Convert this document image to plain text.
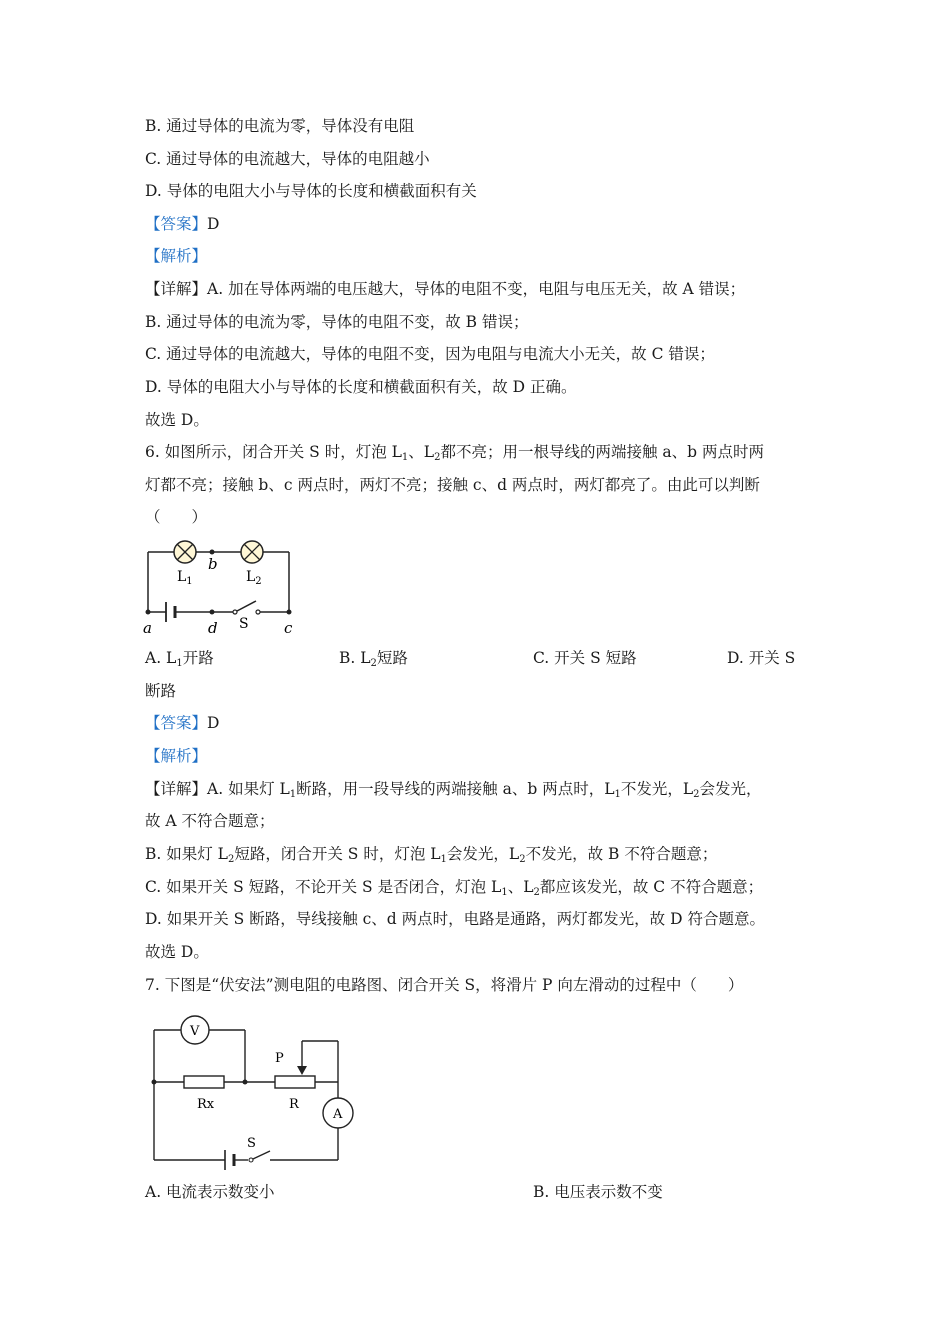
B. 通过导体的电流为零，导体没有电阻
C. 通过导体的电流越大，导体的电阻越小
D. 导体的电阻大小与导体的长度和横截面积有关
【答案】D
【解析】
【详解】A. 加在导体两端的电压越大，导体的电阻不变，电阻与电压无关，故 A 错误；
B. 通过导体的电流为零，导体的电阻不变，故 B 错误；
C. 通过导体的电流越大，导体的电阻不变，因为电阻与电流大小无关，故 C 错误；
D. 导体的电阻大小与导体的长度和横截面积有关，故 D 正确。
故选 D。
6. 如图所示，闭合开关 S 时，灯泡 $L_1$、$L_2$都不亮；用一根导线的两端接触 a、b 两点时两
灯都不亮；接触 b、c 两点时，两灯不亮；接触 c、d 两点时，两灯都亮了。由此可以判断
（　　）
$L_1$	$L_2$
b
a	d	c
S
A. $L_1$开路	B. $L_2$短路	C. 开关 S 短路	D. 开关 S
断路
【答案】D
【解析】
【详解】A. 如果灯 $L_1$断路，用一段导线的两端接触 a、b 两点时，$L_1$不发光，$L_2$会发光，
故 A 不符合题意；
B. 如果灯 $L_2$短路，闭合开关 S 时，灯泡 $L_1$会发光，$L_2$不发光，故 B 不符合题意；
C. 如果开关 S 短路，不论开关 S 是否闭合，灯泡 $L_1$、$L_2$都应该发光，故 C 不符合题意；
D. 如果开关 S 断路，导线接触 c、d 两点时，电路是通路，两灯都发光，故 D 符合题意。
故选 D。
7. 下图是“伏安法”测电阻的电路图、闭合开关 S，将滑片 P 向左滑动的过程中（　　）
V
A
Rx	R
P
S
A. 电流表示数变小	B. 电压表示数不变
